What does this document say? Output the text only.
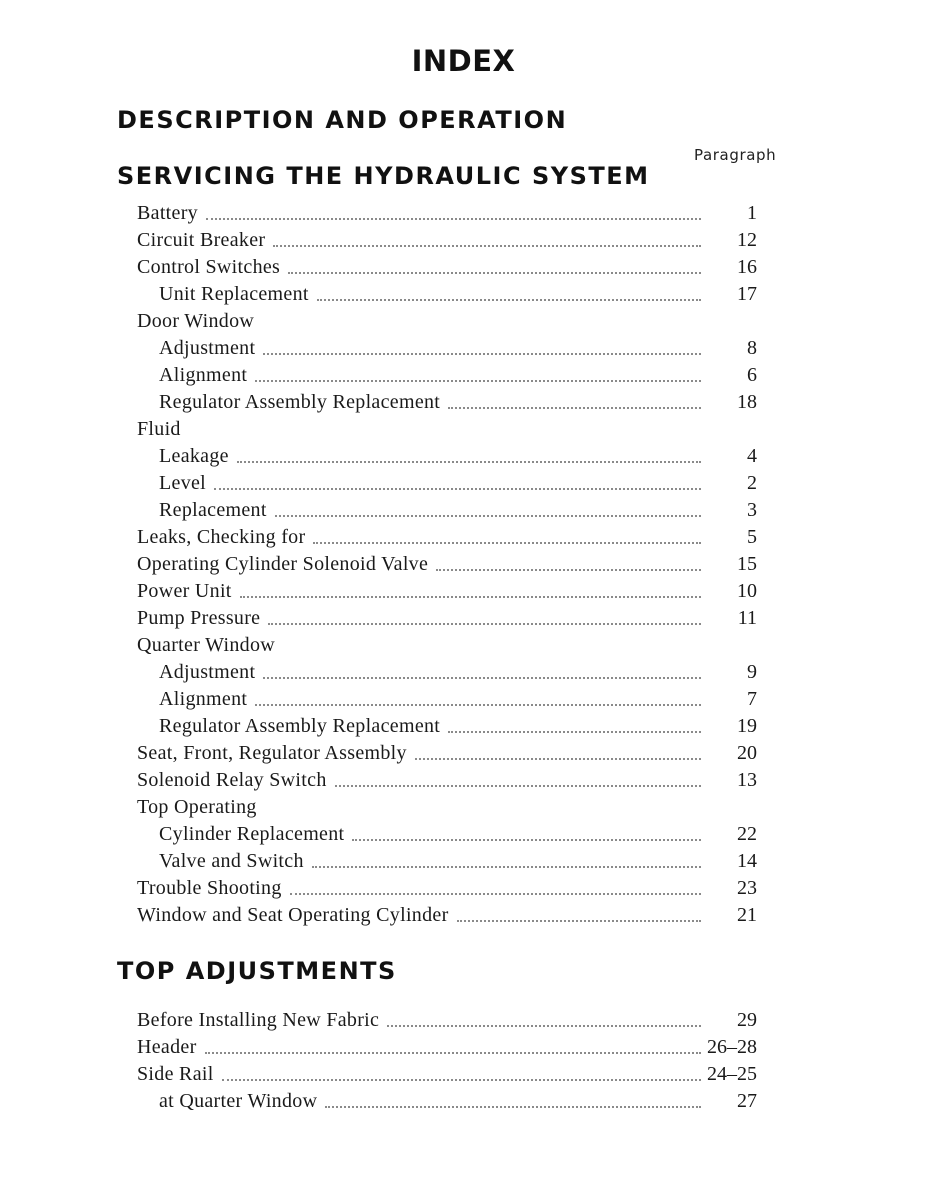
INDEX
DESCRIPTION AND OPERATION
Paragraph
SERVICING THE HYDRAULIC SYSTEM
Battery	1
Circuit Breaker	12
Control Switches	16
Unit Replacement	17
Door Window
Adjustment	8
Alignment	6
Regulator Assembly Replacement	18
Fluid
Leakage	4
Level	2
Replacement	3
Leaks, Checking for	5
Operating Cylinder Solenoid Valve	15
Power Unit	10
Pump Pressure	11
Quarter Window
Adjustment	9
Alignment	7
Regulator Assembly Replacement	19
Seat, Front, Regulator Assembly	20
Solenoid Relay Switch	13
Top Operating
Cylinder Replacement	22
Valve and Switch	14
Trouble Shooting	23
Window and Seat Operating Cylinder	21
TOP ADJUSTMENTS
Before Installing New Fabric	29
Header	26–28
Side Rail	24–25
at Quarter Window	27
